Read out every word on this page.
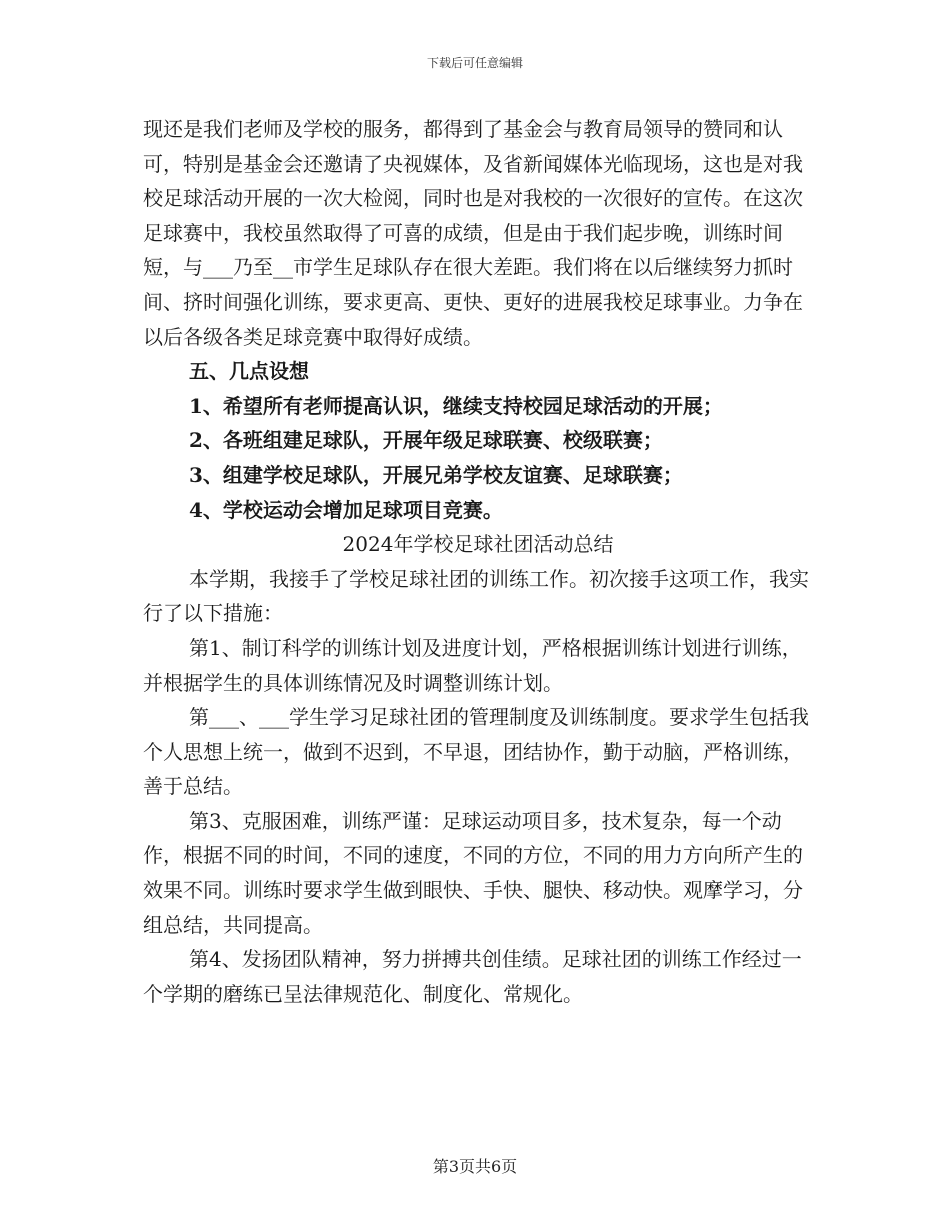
下载后可任意编辑

现还是我们老师及学校的服务，都得到了基金会与教育局领导的赞同和认可，特别是基金会还邀请了央视媒体，及省新闻媒体光临现场，这也是对我校足球活动开展的一次大检阅，同时也是对我校的一次很好的宣传。在这次足球赛中，我校虽然取得了可喜的成绩，但是由于我们起步晚，训练时间短，与___乃至__市学生足球队存在很大差距。我们将在以后继续努力抓时间、挤时间强化训练，要求更高、更快、更好的进展我校足球事业。力争在以后各级各类足球竞赛中取得好成绩。

五、几点设想

1、希望所有老师提高认识，继续支持校园足球活动的开展；

2、各班组建足球队，开展年级足球联赛、校级联赛；

3、组建学校足球队，开展兄弟学校友谊赛、足球联赛；

4、学校运动会增加足球项目竞赛。

2024年学校足球社团活动总结

本学期，我接手了学校足球社团的训练工作。初次接手这项工作，我实行了以下措施：

第1、制订科学的训练计划及进度计划，严格根据训练计划进行训练，并根据学生的具体训练情况及时调整训练计划。

第___、___学生学习足球社团的管理制度及训练制度。要求学生包括我个人思想上统一，做到不迟到，不早退，团结协作，勤于动脑，严格训练，善于总结。

第3、克服困难，训练严谨：足球运动项目多，技术复杂，每一个动作，根据不同的时间，不同的速度，不同的方位，不同的用力方向所产生的效果不同。训练时要求学生做到眼快、手快、腿快、移动快。观摩学习，分组总结，共同提高。

第4、发扬团队精神，努力拼搏共创佳绩。足球社团的训练工作经过一个学期的磨练已呈法律规范化、制度化、常规化。

第3页共6页
